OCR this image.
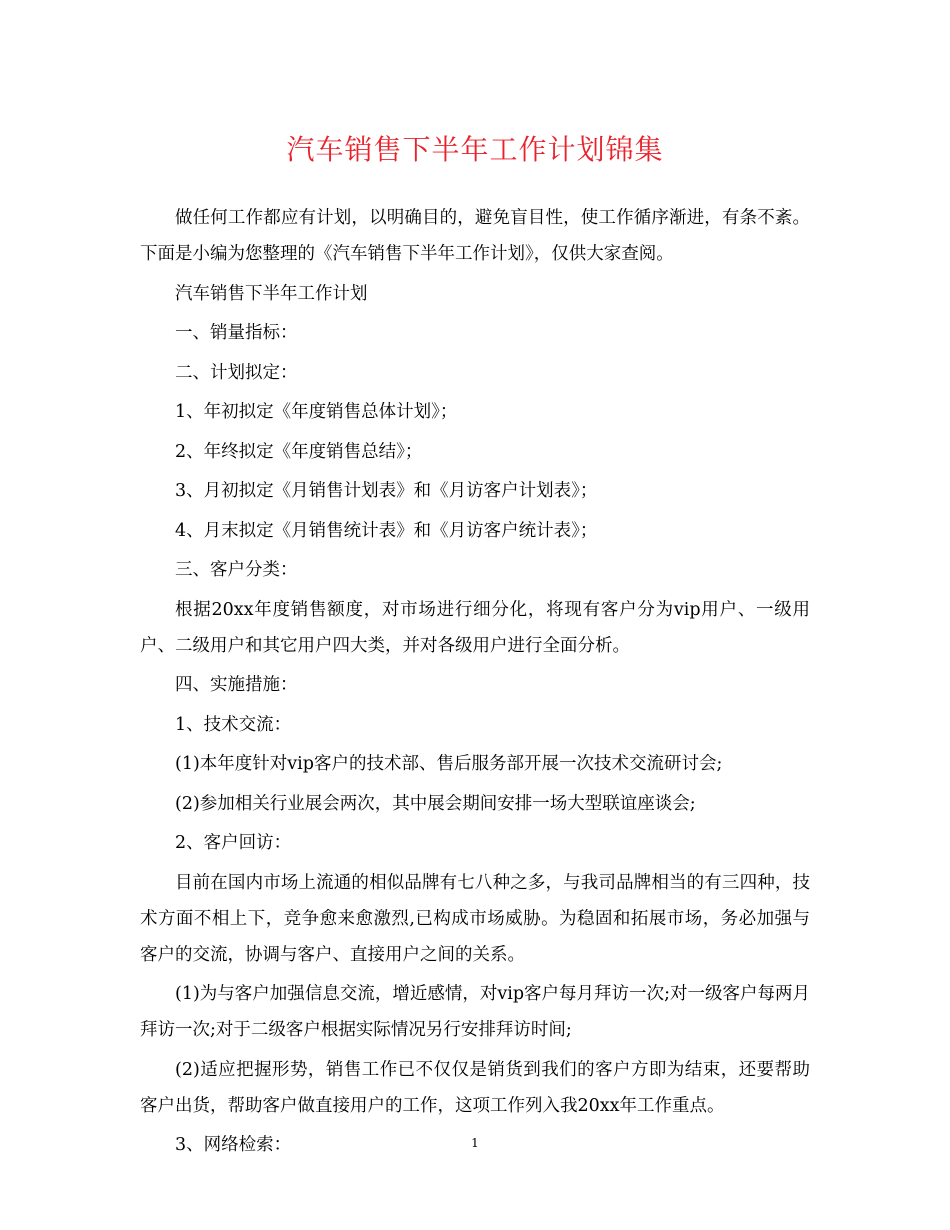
汽车销售下半年工作计划锦集

做任何工作都应有计划，以明确目的，避免盲目性，使工作循序渐进，有条不紊。下面是小编为您整理的《汽车销售下半年工作计划》，仅供大家查阅。

汽车销售下半年工作计划

一、销量指标：

二、计划拟定：

1、年初拟定《年度销售总体计划》；

2、年终拟定《年度销售总结》；

3、月初拟定《月销售计划表》和《月访客户计划表》；

4、月末拟定《月销售统计表》和《月访客户统计表》；

三、客户分类：

根据20xx年度销售额度，对市场进行细分化，将现有客户分为vip用户、一级用户、二级用户和其它用户四大类，并对各级用户进行全面分析。

四、实施措施：

1、技术交流：

(1)本年度针对vip客户的技术部、售后服务部开展一次技术交流研讨会;

(2)参加相关行业展会两次，其中展会期间安排一场大型联谊座谈会;

2、客户回访：

目前在国内市场上流通的相似品牌有七八种之多，与我司品牌相当的有三四种，技术方面不相上下，竞争愈来愈激烈,已构成市场威胁。为稳固和拓展市场，务必加强与客户的交流，协调与客户、直接用户之间的关系。

(1)为与客户加强信息交流，增近感情，对vip客户每月拜访一次;对一级客户每两月拜访一次;对于二级客户根据实际情况另行安排拜访时间;

(2)适应把握形势，销售工作已不仅仅是销货到我们的客户方即为结束，还要帮助客户出货，帮助客户做直接用户的工作，这项工作列入我20xx年工作重点。

3、网络检索：	1
